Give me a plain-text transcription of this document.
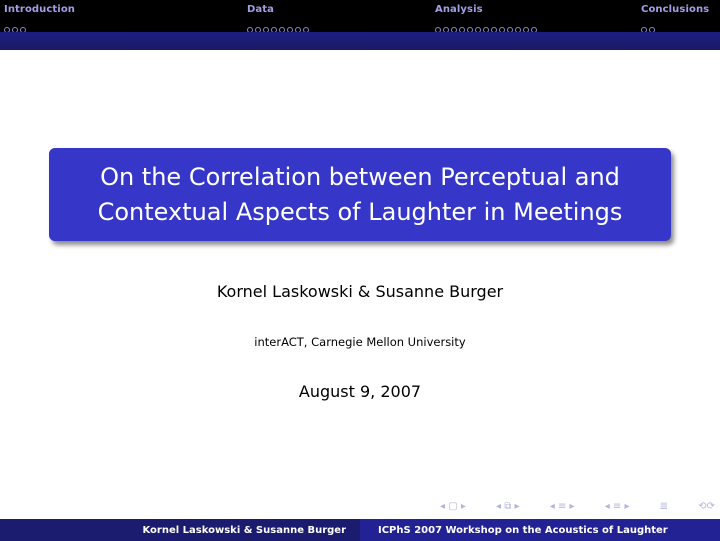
Introduction	Data	Analysis	Conclusions
On the Correlation between Perceptual and
Contextual Aspects of Laughter in Meetings
Kornel Laskowski & Susanne Burger
interACT, Carnegie Mellon University
August 9, 2007
◂ ▢ ▸	◂ ⧉ ▸	◂ ≡ ▸	◂ ≡ ▸	≣	⟲⟳
Kornel Laskowski & Susanne Burger	ICPhS 2007 Workshop on the Acoustics of Laughter
